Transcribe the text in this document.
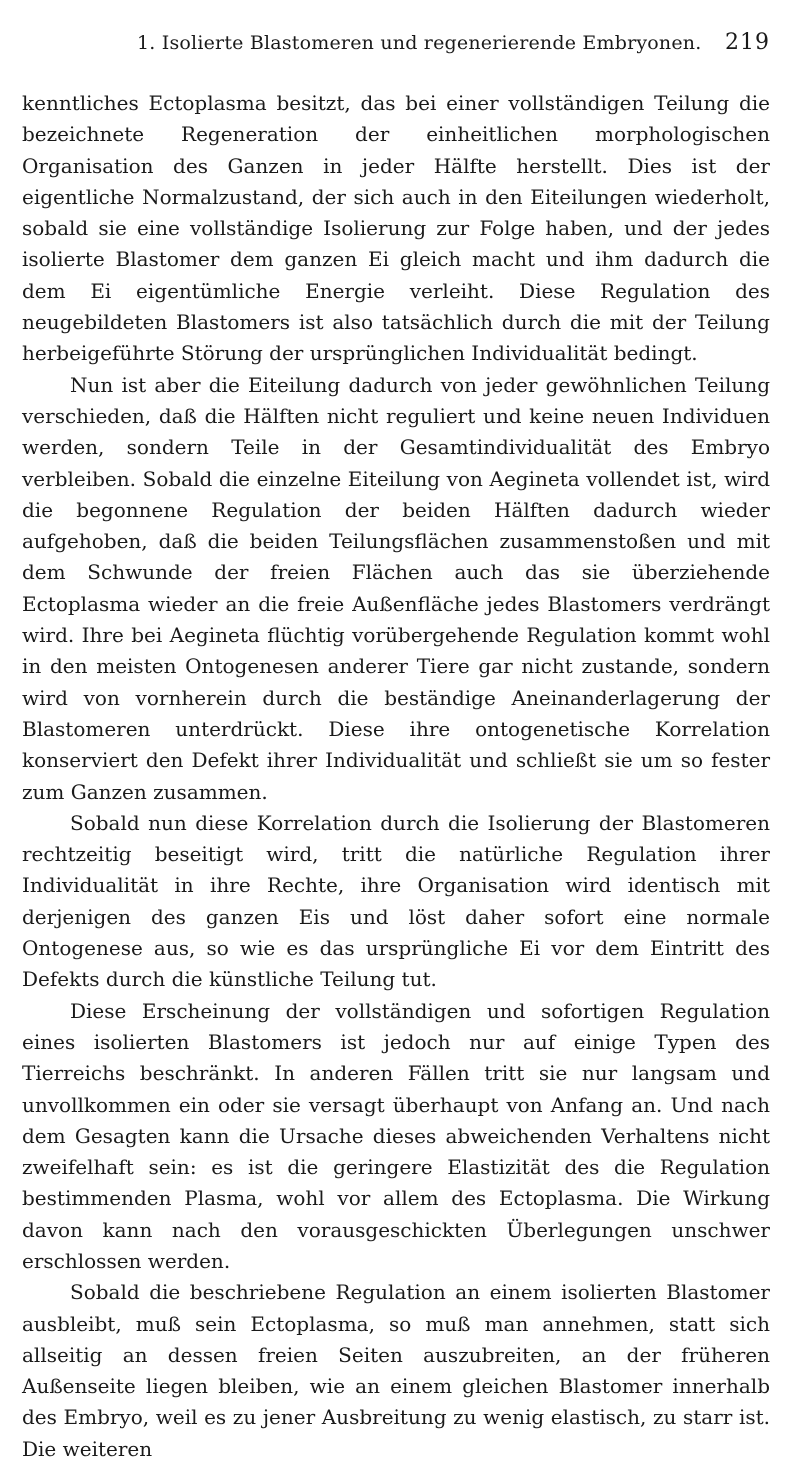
1. Isolierte Blastomeren und regenerierende Embryonen. 219

kenntliches Ectoplasma besitzt, das bei einer vollständigen Teilung die bezeichnete Regeneration der einheitlichen morphologischen Organisation des Ganzen in jeder Hälfte herstellt. Dies ist der eigentliche Normalzustand, der sich auch in den Eiteilungen wiederholt, sobald sie eine vollständige Isolierung zur Folge haben, und der jedes isolierte Blastomer dem ganzen Ei gleich macht und ihm dadurch die dem Ei eigentümliche Energie verleiht. Diese Regulation des neugebildeten Blastomers ist also tatsächlich durch die mit der Teilung herbeigeführte Störung der ursprünglichen Individualität bedingt.

Nun ist aber die Eiteilung dadurch von jeder gewöhnlichen Teilung verschieden, daß die Hälften nicht reguliert und keine neuen Individuen werden, sondern Teile in der Gesamtindividualität des Embryo verbleiben. Sobald die einzelne Eiteilung von Aegineta vollendet ist, wird die begonnene Regulation der beiden Hälften dadurch wieder aufgehoben, daß die beiden Teilungsflächen zusammenstoßen und mit dem Schwunde der freien Flächen auch das sie überziehende Ectoplasma wieder an die freie Außenfläche jedes Blastomers verdrängt wird. Ihre bei Aegineta flüchtig vorübergehende Regulation kommt wohl in den meisten Ontogenesen anderer Tiere gar nicht zustande, sondern wird von vornherein durch die beständige Aneinanderlagerung der Blastomeren unterdrückt. Diese ihre ontogenetische Korrelation konserviert den Defekt ihrer Individualität und schließt sie um so fester zum Ganzen zusammen.

Sobald nun diese Korrelation durch die Isolierung der Blastomeren rechtzeitig beseitigt wird, tritt die natürliche Regulation ihrer Individualität in ihre Rechte, ihre Organisation wird identisch mit derjenigen des ganzen Eis und löst daher sofort eine normale Ontogenese aus, so wie es das ursprüngliche Ei vor dem Eintritt des Defekts durch die künstliche Teilung tut.

Diese Erscheinung der vollständigen und sofortigen Regulation eines isolierten Blastomers ist jedoch nur auf einige Typen des Tierreichs beschränkt. In anderen Fällen tritt sie nur langsam und unvollkommen ein oder sie versagt überhaupt von Anfang an. Und nach dem Gesagten kann die Ursache dieses abweichenden Verhaltens nicht zweifelhaft sein: es ist die geringere Elastizität des die Regulation bestimmenden Plasma, wohl vor allem des Ectoplasma. Die Wirkung davon kann nach den vorausgeschickten Überlegungen unschwer erschlossen werden.

Sobald die beschriebene Regulation an einem isolierten Blastomer ausbleibt, muß sein Ectoplasma, so muß man annehmen, statt sich allseitig an dessen freien Seiten auszubreiten, an der früheren Außenseite liegen bleiben, wie an einem gleichen Blastomer innerhalb des Embryo, weil es zu jener Ausbreitung zu wenig elastisch, zu starr ist. Die weiteren
